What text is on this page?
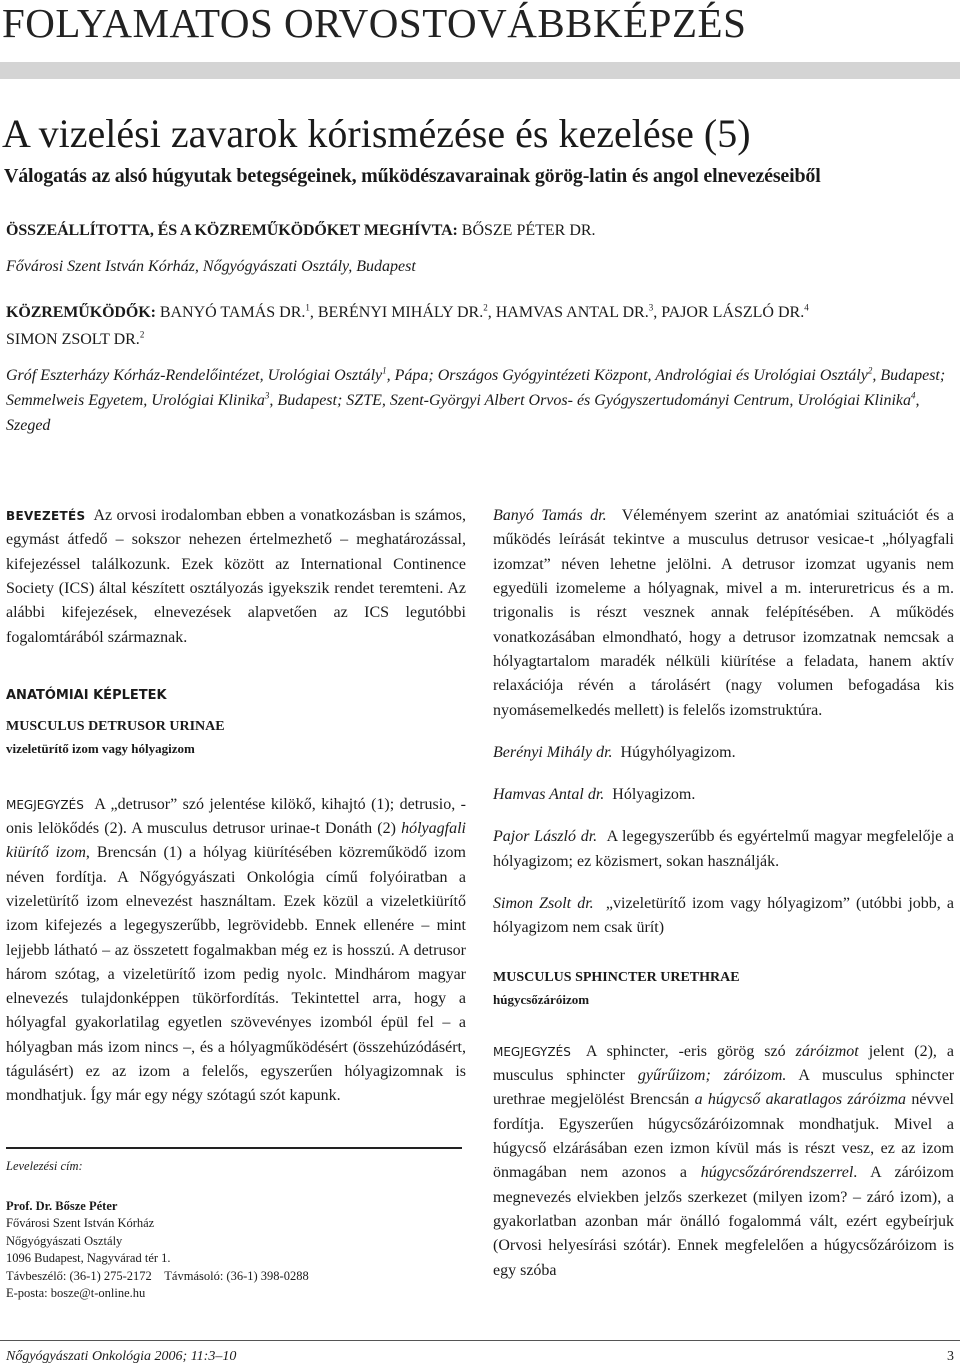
FOLYAMATOS ORVOSTOVÁBBKÉPZÉS
A vizelési zavarok kórismézése és kezelése (5)
Válogatás az alsó húgyutak betegségeinek, működészavarainak görög-latin és angol elnevezéseiből
ÖSSZEÁLLÍTOTTA, ÉS A KÖZREMŰKÖDŐKET MEGHÍVTA: BŐSZE PÉTER DR.
Fővárosi Szent István Kórház, Nőgyógyászati Osztály, Budapest
KÖZREMŰKÖDŐK: BANYÓ TAMÁS DR.$^1$, BERÉNYI MIHÁLY DR.$^2$, HAMVAS ANTAL DR.$^3$, PAJOR LÁSZLÓ DR.$^4$
SIMON ZSOLT DR.$^2$
Gróf Eszterházy Kórház-Rendelőintézet, Urológiai Osztály$^1$, Pápa; Országos Gyógyintézeti Központ, Andrológiai és Urológiai Osztály$^2$, Budapest; Semmelweis Egyetem, Urológiai Klinika$^3$, Budapest; SZTE, Szent-Györgyi Albert Orvos- és Gyógyszertudományi Centrum, Urológiai Klinika$^4$, Szeged

BEVEZETÉS Az orvosi irodalomban ebben a vonatkozásban is számos, egymást átfedő – sokszor nehezen értelmezhető – meghatározással, kifejezéssel találkozunk. Ezek között az International Continence Society (ICS) által készített osztályozás igyekszik rendet teremteni. Az alábbi kifejezések, elnevezések alapvetően az ICS legutóbbi fogalomtárából származnak.

ANATÓMIAI KÉPLETEK
MUSCULUS DETRUSOR URINAE
vizeletürítő izom vagy hólyagizom

MEGJEGYZÉS A „detrusor” szó jelentése kilökő, kihajtó (1); detrusio, -onis lelökődés (2). A musculus detrusor urinae-t Donáth (2) hólyagfali kiürítő izom, Brencsán (1) a hólyag kiürítésében közreműködő izom néven fordítja. A Nőgyógyászati Onkológia című folyóiratban a vizeletürítő izom elnevezést használtam. Ezek közül a vizeletkiürítő izom kifejezés a legegyszerűbb, legrövidebb. Ennek ellenére – mint lejjebb látható – az összetett fogalmakban még ez is hosszú. A detrusor három szótag, a vizeletürítő izom pedig nyolc. Mindhárom magyar elnevezés tulajdonképpen tükörfordítás. Tekintettel arra, hogy a hólyagfal gyakorlatilag egyetlen szövevényes izomból épül fel – a hólyagban más izom nincs –, és a hólyagműködésért (összehúzódásért, tágulásért) ez az izom a felelős, egyszerűen hólyagizomnak is mondhatjuk. Így már egy négy szótagú szót kapunk.

Levelezési cím:
Prof. Dr. Bősze Péter
Fővárosi Szent István Kórház
Nőgyógyászati Osztály
1096 Budapest, Nagyvárad tér 1.
Távbeszélő: (36-1) 275-2172 Távmásoló: (36-1) 398-0288
E-posta: bosze@t-online.hu

Banyó Tamás dr. Véleményem szerint az anatómiai szituációt és a működés leírását tekintve a musculus detrusor vesicae-t „hólyagfali izomzat” néven lehetne jelölni. A detrusor izomzat ugyanis nem egyedüli izomeleme a hólyagnak, mivel a m. interuretricus és a m. trigonalis is részt vesznek annak felépítésében. A működés vonatkozásában elmondható, hogy a detrusor izomzatnak nemcsak a hólyagtartalom maradék nélküli kiürítése a feladata, hanem aktív relaxációja révén a tárolásért (nagy volumen befogadása kis nyomásemelkedés mellett) is felelős izomstruktúra.

Berényi Mihály dr. Húgyhólyagizom.

Hamvas Antal dr. Hólyagizom.

Pajor László dr. A legegyszerűbb és egyértelmű magyar megfelelője a hólyagizom; ez közismert, sokan használják.

Simon Zsolt dr. „vizeletürítő izom vagy hólyagizom” (utóbbi jobb, a hólyagizom nem csak ürít)

MUSCULUS SPHINCTER URETHRAE
húgycsőzáróizom

MEGJEGYZÉS A sphincter, -eris görög szó záróizmot jelent (2), a musculus sphincter gyűrűizom; záróizom. A musculus sphincter urethrae megjelölést Brencsán a húgycső akaratlagos záróizma névvel fordítja. Egyszerűen húgycsőzáróizomnak mondhatjuk. Mivel a húgycső elzárásában ezen izmon kívül más is részt vesz, ez az izom önmagában nem azonos a húgycsőzárórendszerrel. A záróizom megnevezés elviekben jelzős szerkezet (milyen izom? – záró izom), a gyakorlatban azonban már önálló fogalommá vált, ezért egybeírjuk (Orvosi helyesírási szótár). Ennek megfelelően a húgycsőzáróizom is egy szóba

Nőgyógyászati Onkológia 2006; 11:3–10	3
